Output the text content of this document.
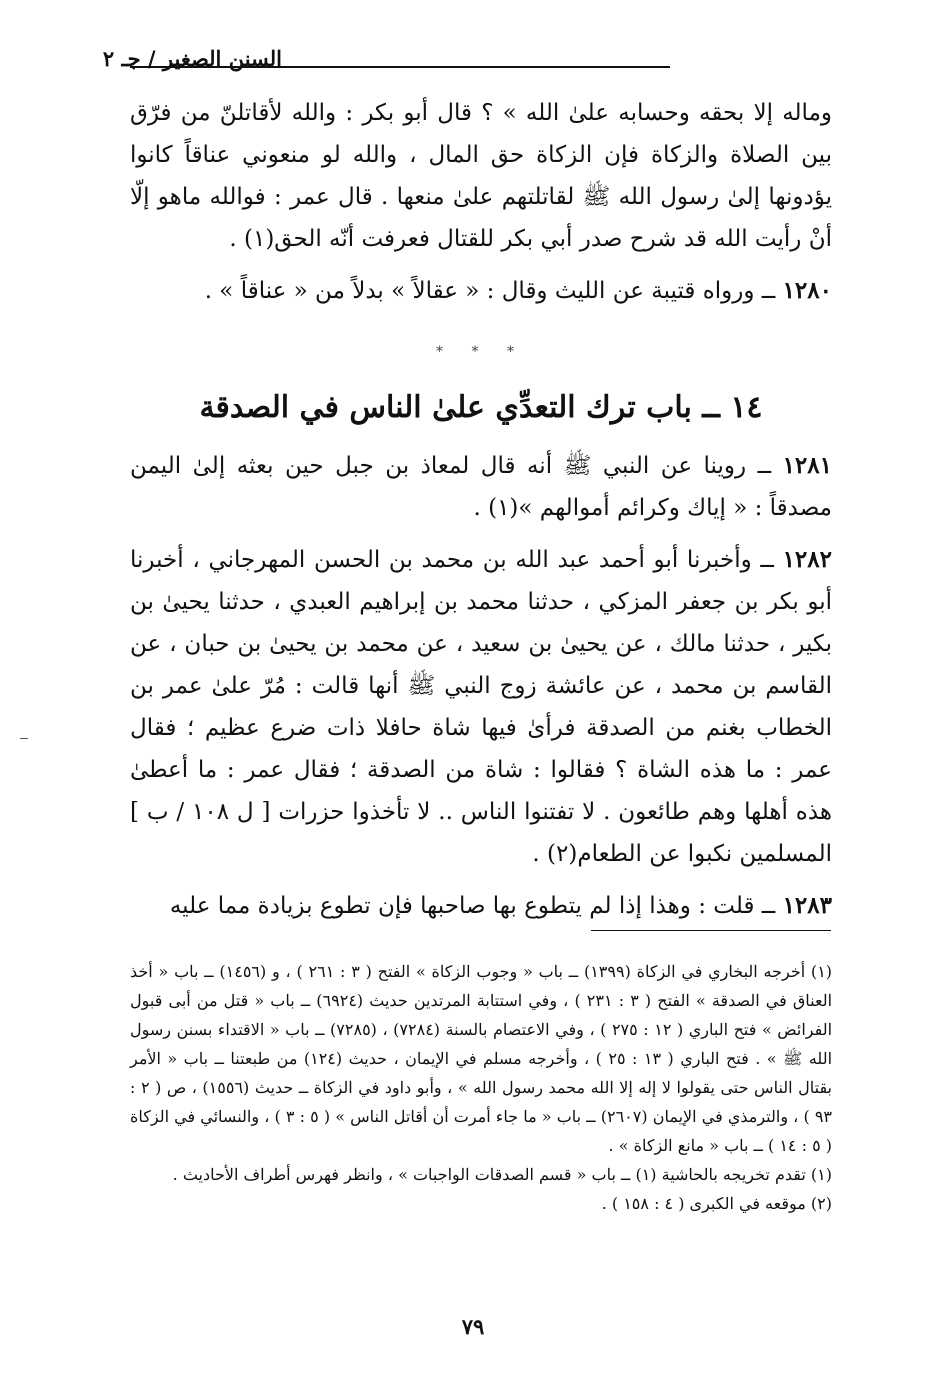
السنن الصغير / جـ ٢

وماله إلا بحقه وحسابه علىٰ الله » ؟ قال أبو بكر : والله لأقاتلنّ من فرّق بين الصلاة والزكاة فإن الزكاة حق المال ، والله لو منعوني عناقاً كانوا يؤدونها إلىٰ رسول الله ﷺ لقاتلتهم علىٰ منعها . قال عمر : فوالله ماهو إلّا أنْ رأيت الله قد شرح صدر أبي بكر للقتال فعرفت أنّه الحق(١) .

١٢٨٠ ــ ورواه قتيبة عن الليث وقال : « عقالاً » بدلاً من « عناقاً » .

* * *
١٤ ــ باب ترك التعدِّي علىٰ الناس في الصدقة

١٢٨١ ــ روينا عن النبي ﷺ أنه قال لمعاذ بن جبل حين بعثه إلىٰ اليمن مصدقاً : « إياك وكرائم أموالهم »(١) .

١٢٨٢ ــ وأخبرنا أبو أحمد عبد الله بن محمد بن الحسن المهرجاني ، أخبرنا أبو بكر بن جعفر المزكي ، حدثنا محمد بن إبراهيم العبدي ، حدثنا يحيىٰ بن بكير ، حدثنا مالك ، عن يحيىٰ بن سعيد ، عن محمد بن يحيىٰ بن حبان ، عن القاسم بن محمد ، عن عائشة زوج النبي ﷺ أنها قالت : مُرّ علىٰ عمر بن الخطاب بغنم من الصدقة فرأىٰ فيها شاة حافلا ذات ضرع عظيم ؛ فقال عمر : ما هذه الشاة ؟ فقالوا : شاة من الصدقة ؛ فقال عمر : ما أعطىٰ هذه أهلها وهم طائعون . لا تفتنوا الناس .. لا تأخذوا حزرات [ ل ١٠٨ / ب ] المسلمين نكبوا عن الطعام(٢) .

١٢٨٣ ــ قلت : وهذا إذا لم يتطوع بها صاحبها فإن تطوع بزيادة مما عليه

(١) أخرجه البخاري في الزكاة (١٣٩٩) ــ باب « وجوب الزكاة » الفتح ( ٣ : ٢٦١ ) ، و (١٤٥٦) ــ باب « أخذ العناق في الصدقة » الفتح ( ٣ : ٢٣١ ) ، وفي استتابة المرتدين حديث (٦٩٢٤) ــ باب « قتل من أبى قبول الفرائض » فتح الباري ( ١٢ : ٢٧٥ ) ، وفي الاعتصام بالسنة (٧٢٨٤) ، (٧٢٨٥) ــ باب « الاقتداء بسنن رسول الله ﷺ » . فتح الباري ( ١٣ : ٢٥ ) ، وأخرجه مسلم في الإيمان ، حديث (١٢٤) من طبعتنا ــ باب « الأمر بقتال الناس حتى يقولوا لا إله إلا الله محمد رسول الله » ، وأبو داود في الزكاة ــ حديث (١٥٥٦) ، ص ( ٢ : ٩٣ ) ، والترمذي في الإيمان (٢٦٠٧) ــ باب « ما جاء أمرت أن أقاتل الناس » ( ٥ : ٣ ) ، والنسائي في الزكاة ( ٥ : ١٤ ) ــ باب « مانع الزكاة » .

(١) تقدم تخريجه بالحاشية (١) ــ باب « قسم الصدقات الواجبات » ، وانظر فهرس أطراف الأحاديث .

(٢) موقعه في الكبرى ( ٤ : ١٥٨ ) .

٧٩
